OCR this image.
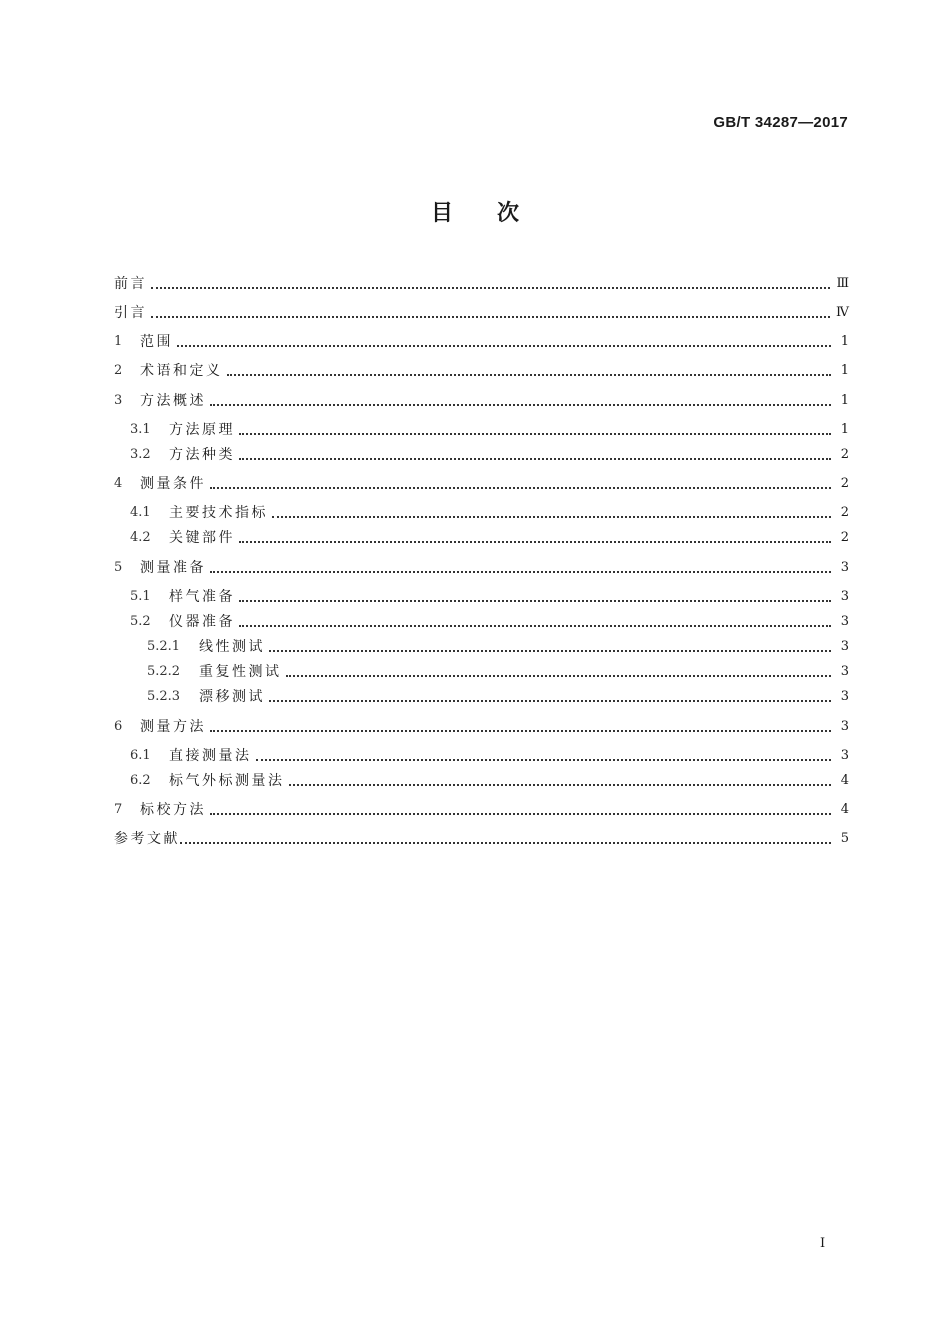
GB/T 34287—2017
目次
前言	Ⅲ
引言	Ⅳ
1	范围	1
2	术语和定义	1
3	方法概述	1
3.1	方法原理	1
3.2	方法种类	2
4	测量条件	2
4.1	主要技术指标	2
4.2	关键部件	2
5	测量准备	3
5.1	样气准备	3
5.2	仪器准备	3
5.2.1	线性测试	3
5.2.2	重复性测试	3
5.2.3	漂移测试	3
6	测量方法	3
6.1	直接测量法	3
6.2	标气外标测量法	4
7	标校方法	4
参考文献	5
I
